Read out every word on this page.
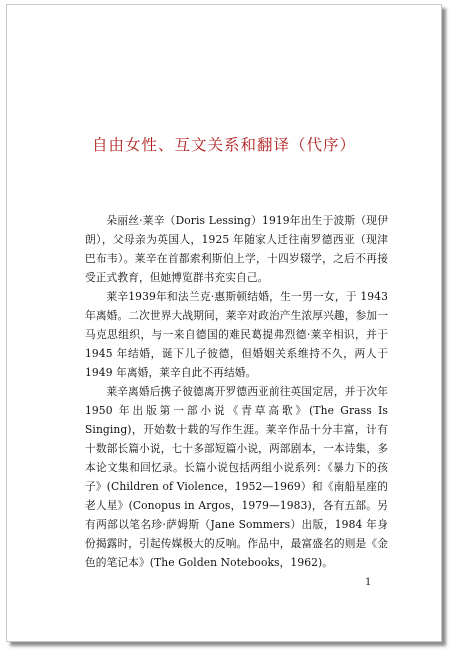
自由女性、互文关系和翻译（代序）

朵丽丝·莱辛（Doris Lessing）1919年出生于波斯（现伊朗），父母亲为英国人，1925 年随家人迁往南罗德西亚（现津巴布韦）。莱辛在首都索利斯伯上学，十四岁辍学，之后不再接受正式教育，但她博览群书充实自己。

莱辛1939年和法兰克·惠斯顿结婚，生一男一女，于 1943年离婚。二次世界大战期间，莱辛对政治产生浓厚兴趣，参加一马克思组织，与一来自德国的难民葛提弗烈德·莱辛相识，并于 1945 年结婚，诞下儿子彼德，但婚姻关系维持不久，两人于 1949 年离婚，莱辛自此不再结婚。

莱辛离婚后携子彼德离开罗德西亚前往英国定居，并于次年 1950 年出版第一部小说《青草高歌》(The Grass Is Singing)，开始数十载的写作生涯。莱辛作品十分丰富，计有十数部长篇小说，七十多部短篇小说，两部剧本，一本诗集，多本论文集和回忆录。长篇小说包括两组小说系列：《暴力下的孩子》(Children of Violence，1952—1969）和《南船星座的老人星》(Conopus in Argos，1979—1983)，各有五部。另有两部以笔名珍·萨姆斯（Jane Sommers）出版，1984 年身份揭露时，引起传媒极大的反响。作品中，最富盛名的则是《金色的笔记本》(The Golden Notebooks，1962)。

1
